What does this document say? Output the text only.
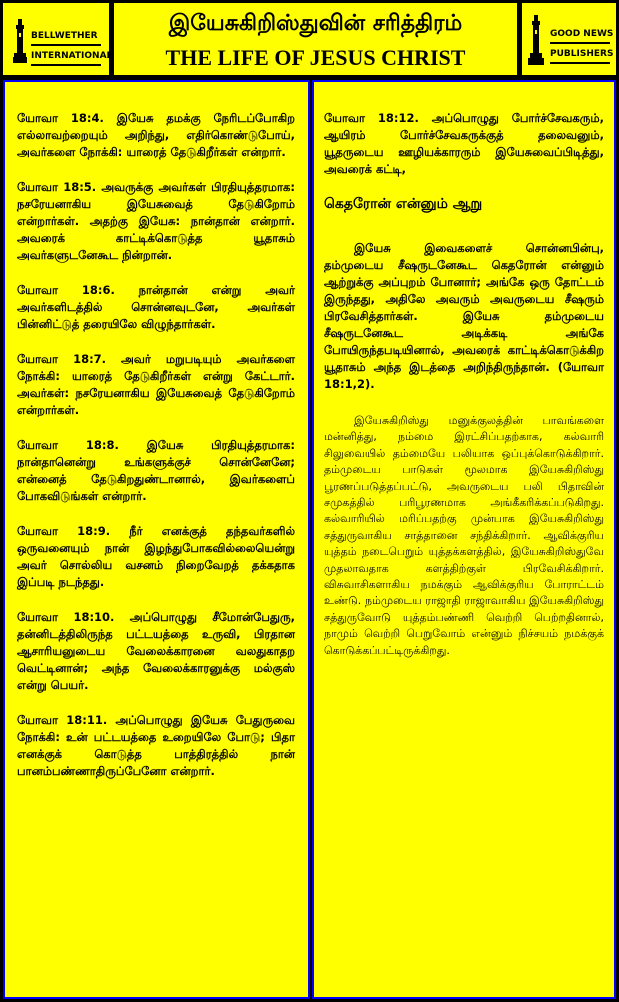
BELLWETHER
INTERNATIONAL
இயேசுகிறிஸ்துவின் சரித்திரம்
THE LIFE OF JESUS CHRIST
GOOD NEWS
PUBLISHERS

யோவா 18:4. இயேசு தமக்கு நேரிடப்போகிற எல்லாவற்றையும் அறிந்து, எதிர்கொண்டுபோய், அவர்களை நோக்கி: யாரைத் தேடுகிறீர்கள் என்றார்.

யோவா 18:5. அவருக்கு அவர்கள் பிரதியுத்தரமாக: நசரேயனாகிய இயேசுவைத் தேடுகிறோம் என்றார்கள். அதற்கு இயேசு: நான்தான் என்றார். அவரைக் காட்டிக்கொடுத்த யூதாசும் அவர்களுடனேகூட நின்றான்.

யோவா 18:6. நான்தான் என்று அவர் அவர்களிடத்தில் சொன்னவுடனே, அவர்கள் பின்னிட்டுத் தரையிலே விழுந்தார்கள்.

யோவா 18:7. அவர் மறுபடியும் அவர்களை நோக்கி: யாரைத் தேடுகிறீர்கள் என்று கேட்டார். அவர்கள்: நசரேயனாகிய இயேசுவைத் தேடுகிறோம் என்றார்கள்.

யோவா 18:8. இயேசு பிரதியுத்தரமாக: நான்தானென்று உங்களுக்குச் சொன்னேனே; என்னைத் தேடுகிறதுண்டானால், இவர்களைப் போகவிடுங்கள் என்றார்.

யோவா 18:9. நீர் எனக்குத் தந்தவர்களில் ஒருவனையும் நான் இழந்துபோகவில்லையென்று அவர் சொல்லிய வசனம் நிறைவேறத் தக்கதாக இப்படி நடந்தது.

யோவா 18:10. அப்பொழுது சீமோன்பேதுரு, தன்னிடத்திலிருந்த பட்டயத்தை உருவி, பிரதான ஆசாரியனுடைய வேலைக்காரனை வலதுகாதற வெட்டினான்; அந்த வேலைக்காரனுக்கு மல்குஸ் என்று பெயர்.

யோவா 18:11. அப்பொழுது இயேசு பேதுருவை நோக்கி: உன் பட்டயத்தை உறையிலே போடு; பிதா எனக்குக் கொடுத்த பாத்திரத்தில் நான் பானம்பண்ணாதிருப்பேனோ என்றார்.

யோவா 18:12. அப்பொழுது போர்ச்சேவகரும், ஆயிரம் போர்ச்சேவகருக்குத் தலைவனும், யூதருடைய ஊழியக்காரரும் இயேசுவைப்பிடித்து, அவரைக் கட்டி,

கெதரோன் என்னும் ஆறு

இயேசு இவைகளைச் சொன்னபின்பு, தம்முடைய சீஷருடனேகூட கெதரோன் என்னும் ஆற்றுக்கு அப்புறம் போனார்; அங்கே ஒரு தோட்டம் இருந்தது, அதிலே அவரும் அவருடைய சீஷரும் பிரவேசித்தார்கள். இயேசு தம்முடைய சீஷருடனேகூட அடிக்கடி அங்கே போயிருந்தபடியினால், அவரைக் காட்டிக்கொடுக்கிற யூதாசும் அந்த இடத்தை அறிந்திருந்தான். (யோவா 18:1,2).

இயேசுகிறிஸ்து மனுக்குலத்தின் பாவங்களை மன்னித்து, நம்மை இரட்சிப்பதற்காக, கல்வாரி சிலுவையில் தம்மையே பலியாக ஒப்புக்கொடுக்கிறார். தம்முடைய பாடுகள் மூலமாக இயேசுகிறிஸ்து பூரணப்படுத்தப்பட்டு, அவருடைய பலி பிதாவின் சமுகத்தில் பரிபூரணமாக அங்கீகரிக்கப்படுகிறது. கல்வாரியில் மரிப்பதற்கு முன்பாக இயேசுகிறிஸ்து சத்துருவாகிய சாத்தானை சந்திக்கிறார். ஆவிக்குரிய யுத்தம் நடைபெறும் யுத்தக்களத்தில், இயேசுகிறிஸ்துவே முதலாவதாக களத்திற்குள் பிரவேசிக்கிறார். விசுவாசிகளாகிய நமக்கும் ஆவிக்குரிய போராட்டம் உண்டு. நம்முடைய ராஜாதி ராஜாவாகிய இயேசுகிறிஸ்து சத்துருவோடு யுத்தம்பண்ணி வெற்றி பெற்றதினால், நாமும் வெற்றி பெறுவோம் என்னும் நிச்சயம் நமக்குக் கொடுக்கப்பட்டிருக்கிறது.
